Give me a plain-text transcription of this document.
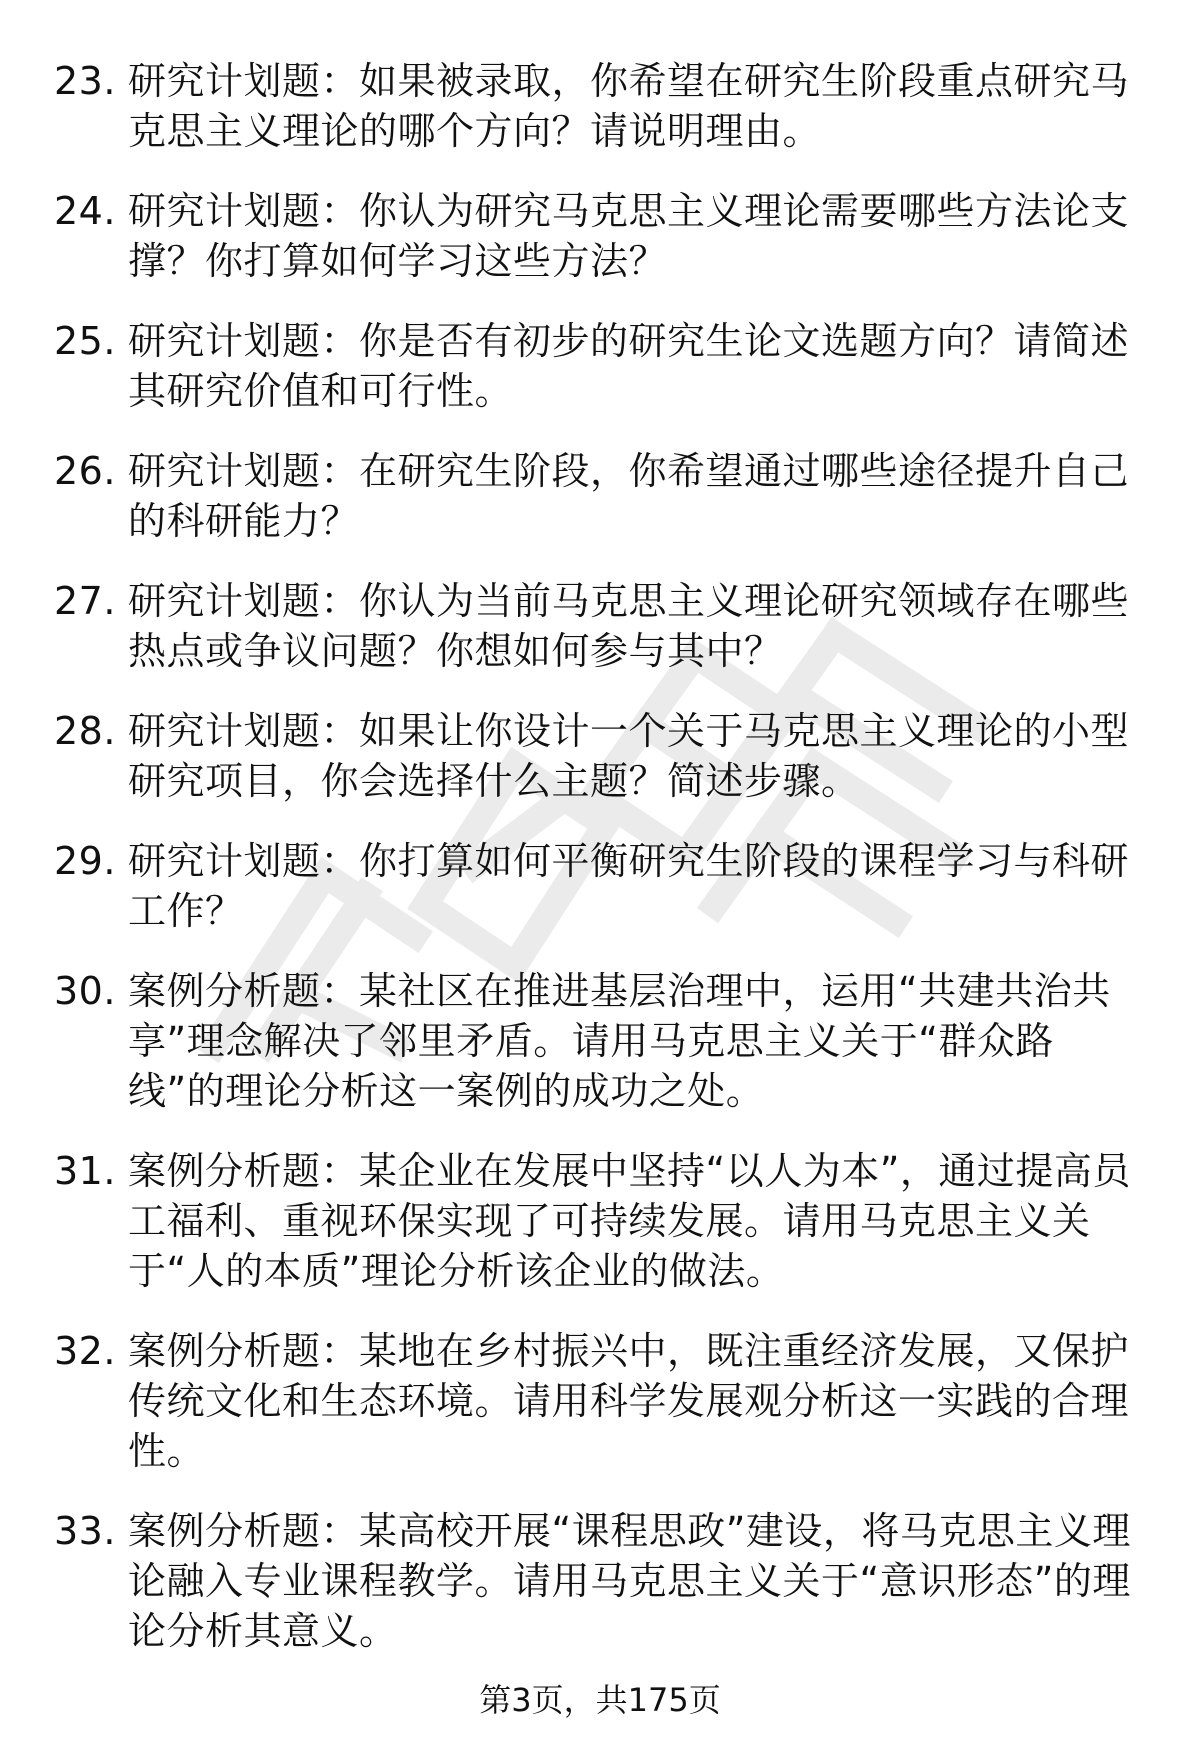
23. 研究计划题：如果被录取，你希望在研究生阶段重点研究马克思主义理论的哪个方向？请说明理由。
24. 研究计划题：你认为研究马克思主义理论需要哪些方法论支撑？你打算如何学习这些方法？
25. 研究计划题：你是否有初步的研究生论文选题方向？请简述其研究价值和可行性。
26. 研究计划题：在研究生阶段，你希望通过哪些途径提升自己的科研能力？
27. 研究计划题：你认为当前马克思主义理论研究领域存在哪些热点或争议问题？你想如何参与其中？
28. 研究计划题：如果让你设计一个关于马克思主义理论的小型研究项目，你会选择什么主题？简述步骤。
29. 研究计划题：你打算如何平衡研究生阶段的课程学习与科研工作？
30. 案例分析题：某社区在推进基层治理中，运用“共建共治共享”理念解决了邻里矛盾。请用马克思主义关于“群众路线”的理论分析这一案例的成功之处。
31. 案例分析题：某企业在发展中坚持“以人为本”，通过提高员工福利、重视环保实现了可持续发展。请用马克思主义关于“人的本质”理论分析该企业的做法。
32. 案例分析题：某地在乡村振兴中，既注重经济发展，又保护传统文化和生态环境。请用科学发展观分析这一实践的合理性。
33. 案例分析题：某高校开展“课程思政”建设，将马克思主义理论融入专业课程教学。请用马克思主义关于“意识形态”的理论分析其意义。
第3页，共175页
